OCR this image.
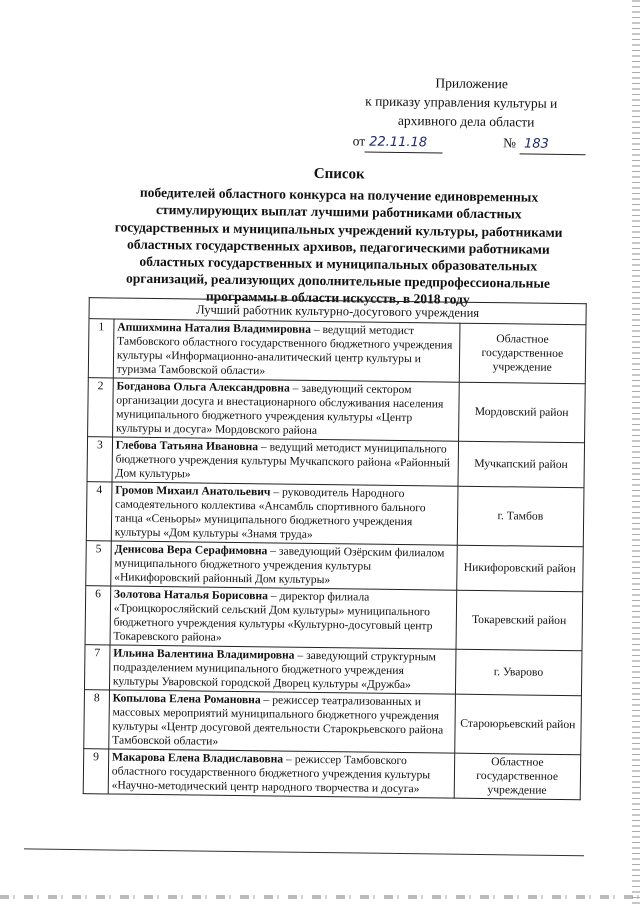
Приложение
к приказу управления культуры и
архивного дела области
от 22.11.18	№ 183
Список
победителей областного конкурса на получение единовременных
стимулирующих выплат лучшими работниками областных
государственных и муниципальных учреждений культуры, работниками
областных государственных архивов, педагогическими работниками
областных государственных и муниципальных образовательных
организаций, реализующих дополнительные предпрофессиональные
программы в области искусств, в 2018 году
Лучший работник культурно-досугового учреждения		
1	Апшихмина Наталия Владимировна – ведущий методист Тамбовского областного государственного бюджетного учреждения культуры «Информационно-аналитический центр культуры и туризма Тамбовской области»	Областное государственное учреждение
2	Богданова Ольга Александровна – заведующий сектором организации досуга и внестационарного обслуживания населения муниципального бюджетного учреждения культуры «Центр культуры и досуга» Мордовского района	Мордовский район
3	Глебова Татьяна Ивановна – ведущий методист муниципального бюджетного учреждения культуры Мучкапского района «Районный Дом культуры»	Мучкапский район
4	Громов Михаил Анатольевич – руководитель Народного самодеятельного коллектива «Ансамбль спортивного бального танца «Сеньоры» муниципального бюджетного учреждения культуры «Дом культуры «Знамя труда»	г. Тамбов
5	Денисова Вера Серафимовна – заведующий Озёрским филиалом муниципального бюджетного учреждения культуры «Никифоровский районный Дом культуры»	Никифоровский район
6	Золотова Наталья Борисовна – директор филиала «Троицкоросляйский сельский Дом культуры» муниципального бюджетного учреждения культуры «Культурно-досуговый центр Токаревского района»	Токаревский район
7	Ильина Валентина Владимировна – заведующий структурным подразделением муниципального бюджетного учреждения культуры Уваровской городской Дворец культуры «Дружба»	г. Уварово
8	Копылова Елена Романовна – режиссер театрализованных и массовых мероприятий муниципального бюджетного учреждения культуры «Центр досуговой деятельности Старокрьевского района Тамбовской области»	Староюрьевский район
9	Макарова Елена Владиславовна – режиссер Тамбовского областного государственного бюджетного учреждения культуры «Научно-методический центр народного творчества и досуга»	Областное государственное учреждение
